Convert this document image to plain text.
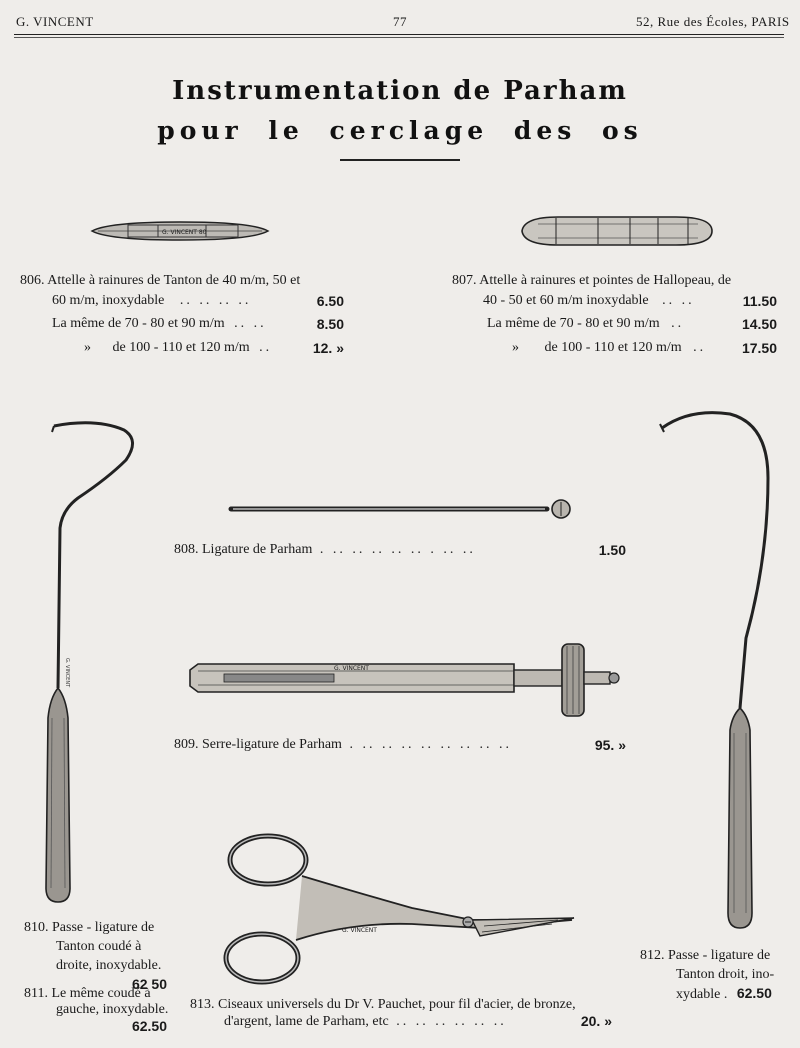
G. VINCENT	77	52, Rue des Écoles, PARIS
Instrumentation de Parham
pour le cerclage des os
G. VINCENT 80
806. Attelle à rainures de Tanton de 40 m/m, 50 et
60 m/m, inoxydable .. .. .. ..	6.50
La même de 70 - 80 et 90 m/m .. ..	8.50
» de 100 - 110 et 120 m/m ..	12. »
807. Attelle à rainures et pointes de Hallopeau, de
40 - 50 et 60 m/m inoxydable .. ..	11.50
La même de 70 - 80 et 90 m/m ..	14.50
» de 100 - 110 et 120 m/m ..	17.50
G. VINCENT
808. Ligature de Parham . .. .. .. .. .. . .. ..	1.50
G. VINCENT
809. Serre-ligature de Parham . .. .. .. .. .. .. .. ..	95. »
G. VINCENT
810. Passe - ligature de
Tanton coudé à
droite, inoxydable.
62 50
811. Le même coudé à
gauche, inoxydable.
62.50
812. Passe - ligature de
Tanton droit, ino-
xydable . 62.50
813. Ciseaux universels du Dr V. Pauchet, pour fil d'acier, de bronze,
d'argent, lame de Parham, etc .. .. .. .. .. ..	20. »
